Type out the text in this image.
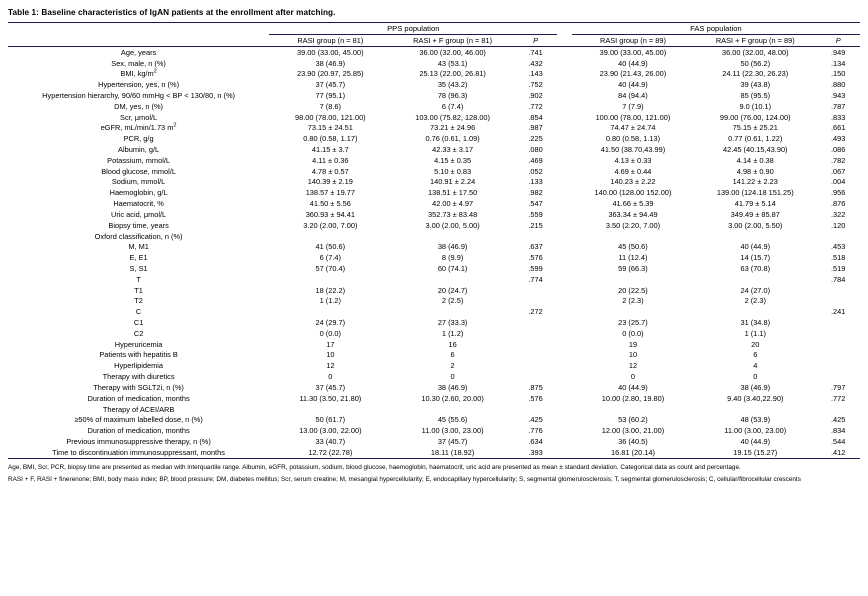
Table 1: Baseline characteristics of IgAN patients at the enrollment after matching.
	PPS population				FAS population		
	RASI group (n = 81)	RASI + F group (n = 81)	P		RASI group (n = 89)	RASI + F group (n = 89)	P
Age, years	39.00 (33.00, 45.00)	36.00 (32.00, 46.00)	.741		39.00 (33.00, 45.00)	36.00 (32.00, 48.00)	.949
Sex, male, n (%)	38 (46.9)	43 (53.1)	.432		40 (44.9)	50 (56.2)	.134
BMI, $kg/m^2$	23.90 (20.97, 25.85)	25.13 (22.00, 26.81)	.143		23.90 (21.43, 26.00)	24.11 (22.30, 26.23)	.150
Hypertension, yes, n (%)	37 (45.7)	35 (43.2)	.752		40 (44.9)	39 (43.8)	.880
Hypertension hierarchy, 90/60 mmHg < BP < 130/80, n (%)	77 (95.1)	78 (96.3)	.902		84 (94.4)	85 (95.5)	.943
DM, yes, n (%)	7 (8.6)	6 (7.4)	.772		7 (7.9)	9.0 (10.1)	.787
Scr, μmol/L	98.00 (78.00, 121.00)	103.00 (75.82, 128.00)	.854		100.00 (78.00, 121.00)	99.00 (76.00, 124.00)	.833
eGFR, mL/min/1.73 $m^2$	73.15 ± 24.51	73.21 ± 24.96	.987		74.47 ± 24.74	75.15 ± 25.21	.661
PCR, g/g	0.80 (0.58, 1.17)	0.76 (0.61, 1.09)	.225		0.80 (0.58, 1.13)	0.77 (0.61, 1.22)	.493
Albumin, g/L	41.15 ± 3.7	42.33 ± 3.17	.080		41.50 (38.70,43.99)	42.45 (40.15,43.90)	.086
Potassium, mmol/L	4.11 ± 0.36	4.15 ± 0.35	.469		4.13 ± 0.33	4.14 ± 0.38	.782
Blood glucose, mmol/L	4.78 ± 0.57	5.10 ± 0.83	.052		4.69 ± 0.44	4.98 ± 0.90	.067
Sodium, mmol/L	140.39 ± 2.19	140.91 ± 2.24	.133		140.23 ± 2.22	141.22 ± 2.23	.004
Haemoglobin, g/L	138.57 ± 19.77	138.51 ± 17.50	.982		140.00 (128.00 152.00)	139.00 (124.18 151.25)	.956
Haematocrit, %	41.50 ± 5.56	42.00 ± 4.97	.547		41.66 ± 5.39	41.79 ± 5.14	.876
Uric acid, μmol/L	360.93 ± 94.41	352.73 ± 83.48	.559		363.34 ± 94.49	349.49 ± 85.87	.322
Biopsy time, years	3.20 (2.00, 7.00)	3.00 (2.00, 5.00)	.215		3.50 (2.20, 7.00)	3.00 (2.00, 5.50)	.120
Oxford classification, n (%)							
M, M1	41 (50.6)	38 (46.9)	.637		45 (50.6)	40 (44.9)	.453
E, E1	6 (7.4)	8 (9.9)	.576		11 (12.4)	14 (15.7)	.518
S, S1	57 (70.4)	60 (74.1)	.599		59 (66.3)	63 (70.8)	.519
T			.774				.784
T1	18 (22.2)	20 (24.7)			20 (22.5)	24 (27.0)	
T2	1 (1.2)	2 (2.5)			2 (2.3)	2 (2.3)	
C			.272				.241
C1	24 (29.7)	27 (33.3)			23 (25.7)	31 (34.8)	
C2	0 (0.0)	1 (1.2)			0 (0.0)	1 (1.1)	
Hyperuricemia	17	16			19	20	
Patients with hepatitis B	10	6			10	6	
Hyperlipidemia	12	2			12	4	
Therapy with diuretics	0	0			0	0	
Therapy with SGLT2i, n (%)	37 (45.7)	38 (46.9)	.875		40 (44.9)	38 (46.9)	.797
Duration of medication, months	11.30 (3.50, 21.80)	10.30 (2.60, 20.00)	.576		10.00 (2.80, 19.80)	9.40 (3.40,22.90)	.772
Therapy of ACEI/ARB							
≥50% of maximum labelled dose, n (%)	50 (61.7)	45 (55.6)	.425		53 (60.2)	48 (53.9)	.425
Duration of medication, months	13.00 (3.00, 22.00)	11.00 (3.00, 23.00)	.776		12.00 (3.00, 21.00)	11.00 (3.00, 23.00)	.834
Previous immunosuppressive therapy, n (%)	33 (40.7)	37 (45.7)	.634		36 (40.5)	40 (44.9)	.544
Time to discontinuation immunosuppressant, months	12.72 (22.78)	18.11 (18.92)	.393		16.81 (20.14)	19.15 (15.27)	.412

Age, BMI, Scr, PCR, biopsy time are presented as median with interquartile range. Albumin, eGFR, potassium, sodium, blood glucose, haemoglobin, haematocrit, uric acid are presented as mean ± standard deviation. Categorical data as count and percentage.

RASI + F, RASI + finerenone; BMI, body mass index; BP, blood pressure; DM, diabetes mellitus; Scr, serum creatine; M, mesangial hypercellularity; E, endocapillary hypercellularity; S, segmental glomerulosclerosis; T, segmental glomerulosclerosis; C, cellular/fibrocellular crescents
